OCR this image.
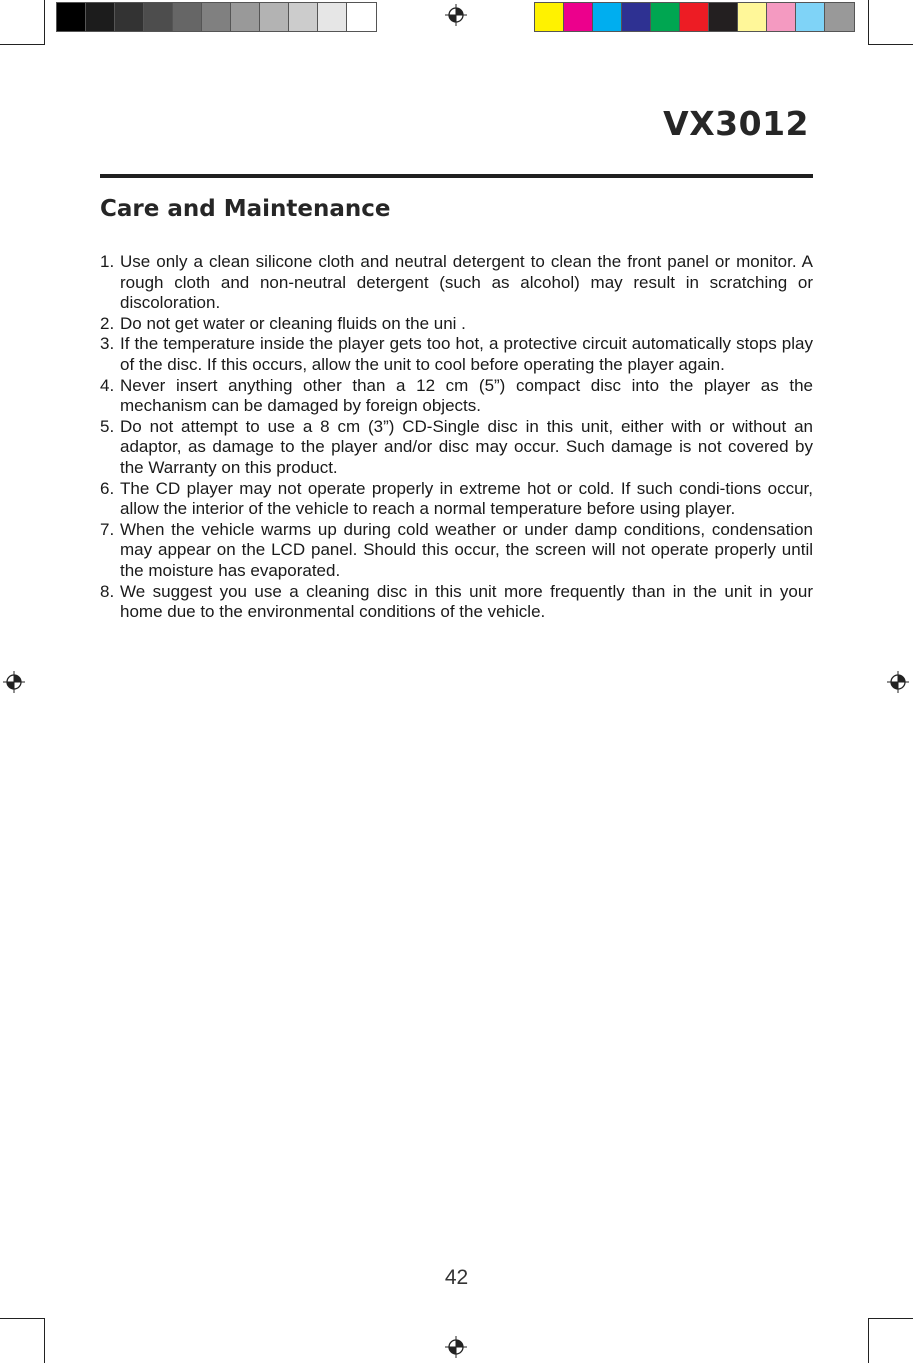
VX3012
Care and Maintenance
1. Use only a clean silicone cloth and neutral detergent to clean the front panel or monitor. A rough cloth and non-neutral detergent (such as alcohol) may result in scratching or discoloration.
2. Do not get water or cleaning fluids on the uni .
3. If the temperature inside the player gets too hot, a protective circuit automatically stops play of the disc. If this occurs, allow the unit to cool before operating the player again.
4. Never insert anything other than a 12 cm (5”) compact disc into the player as the mechanism can be damaged by foreign objects.
5. Do not attempt to use a 8 cm (3”) CD-Single disc in this unit, either with or without an adaptor, as damage to the player and/or disc may occur. Such damage is not covered by the Warranty on this product.
6. The CD player may not operate properly in extreme hot or cold. If such condi-tions occur, allow the interior of the vehicle to reach a normal temperature before using player.
7. When the vehicle warms up during cold weather or under damp conditions, condensation may appear on the LCD panel. Should this occur, the screen will not operate properly until the moisture has evaporated.
8. We suggest you use a cleaning disc in this unit more frequently than in the unit in your home due to the environmental conditions of the vehicle.
42
